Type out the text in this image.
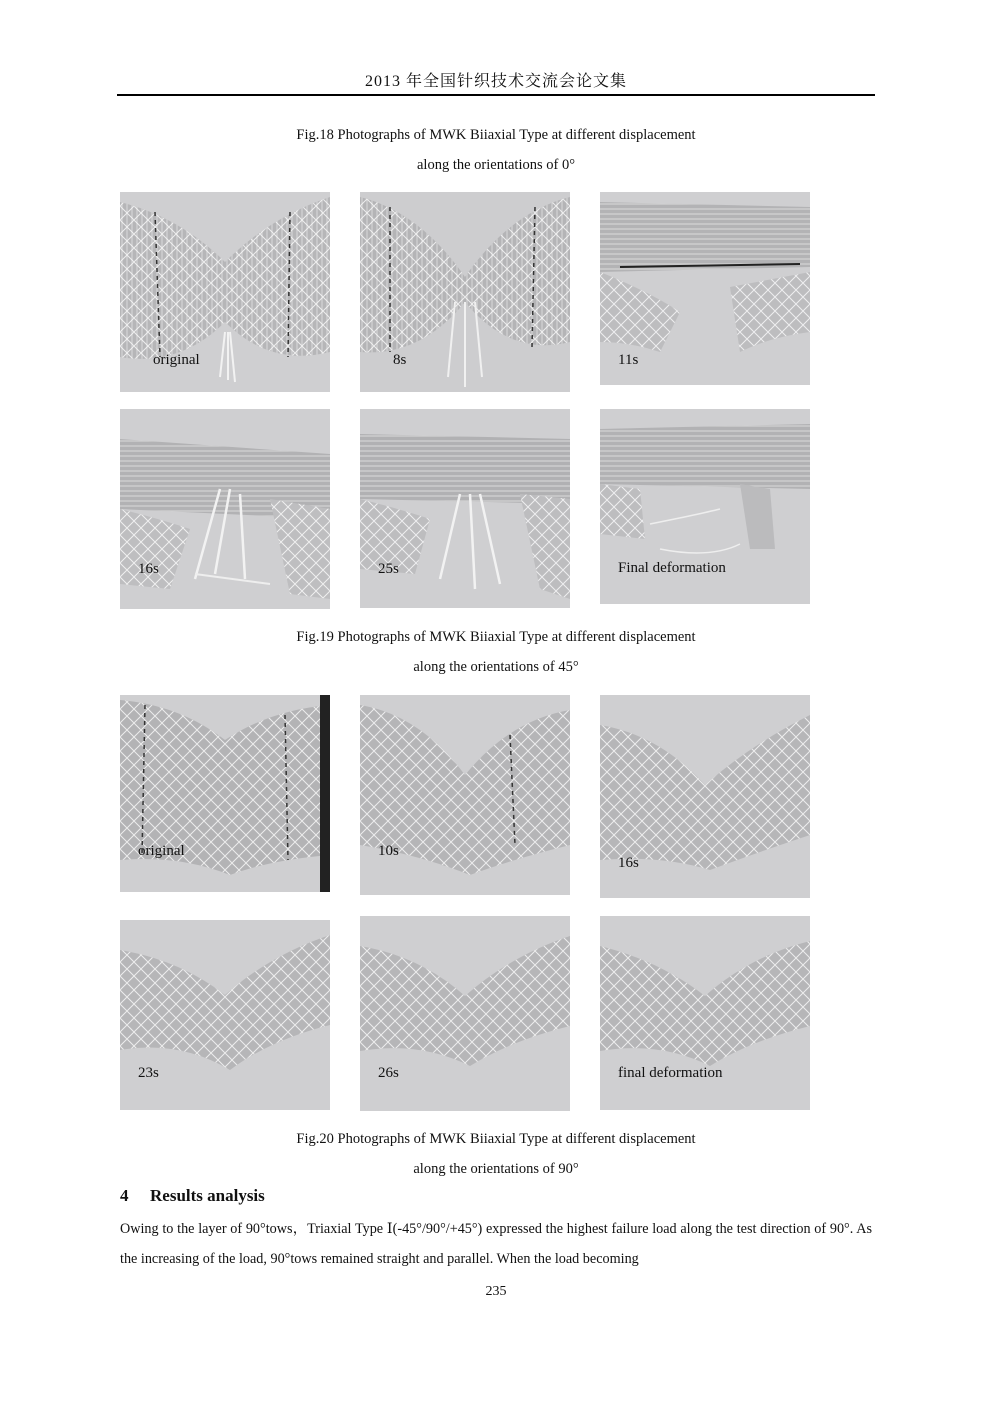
2013 年全国针织技术交流会论文集
Fig.18 Photographs of MWK Biiaxial Type at different displacement
along the orientations of 0°
original	8s	11s
16s	25s	Final deformation
Fig.19 Photographs of MWK Biiaxial Type at different displacement
along the orientations of 45°
original	10s
16s
23s	26s	final deformation
Fig.20 Photographs of MWK Biiaxial Type at different displacement
along the orientations of 90°
4 Results analysis
Owing to the layer of 90°tows，Triaxial Type Ⅰ(-45°/90°/+45°) expressed the highest failure load along the test direction of 90°. As the increasing of the load, 90°tows remained straight and parallel. When the load becoming
235
